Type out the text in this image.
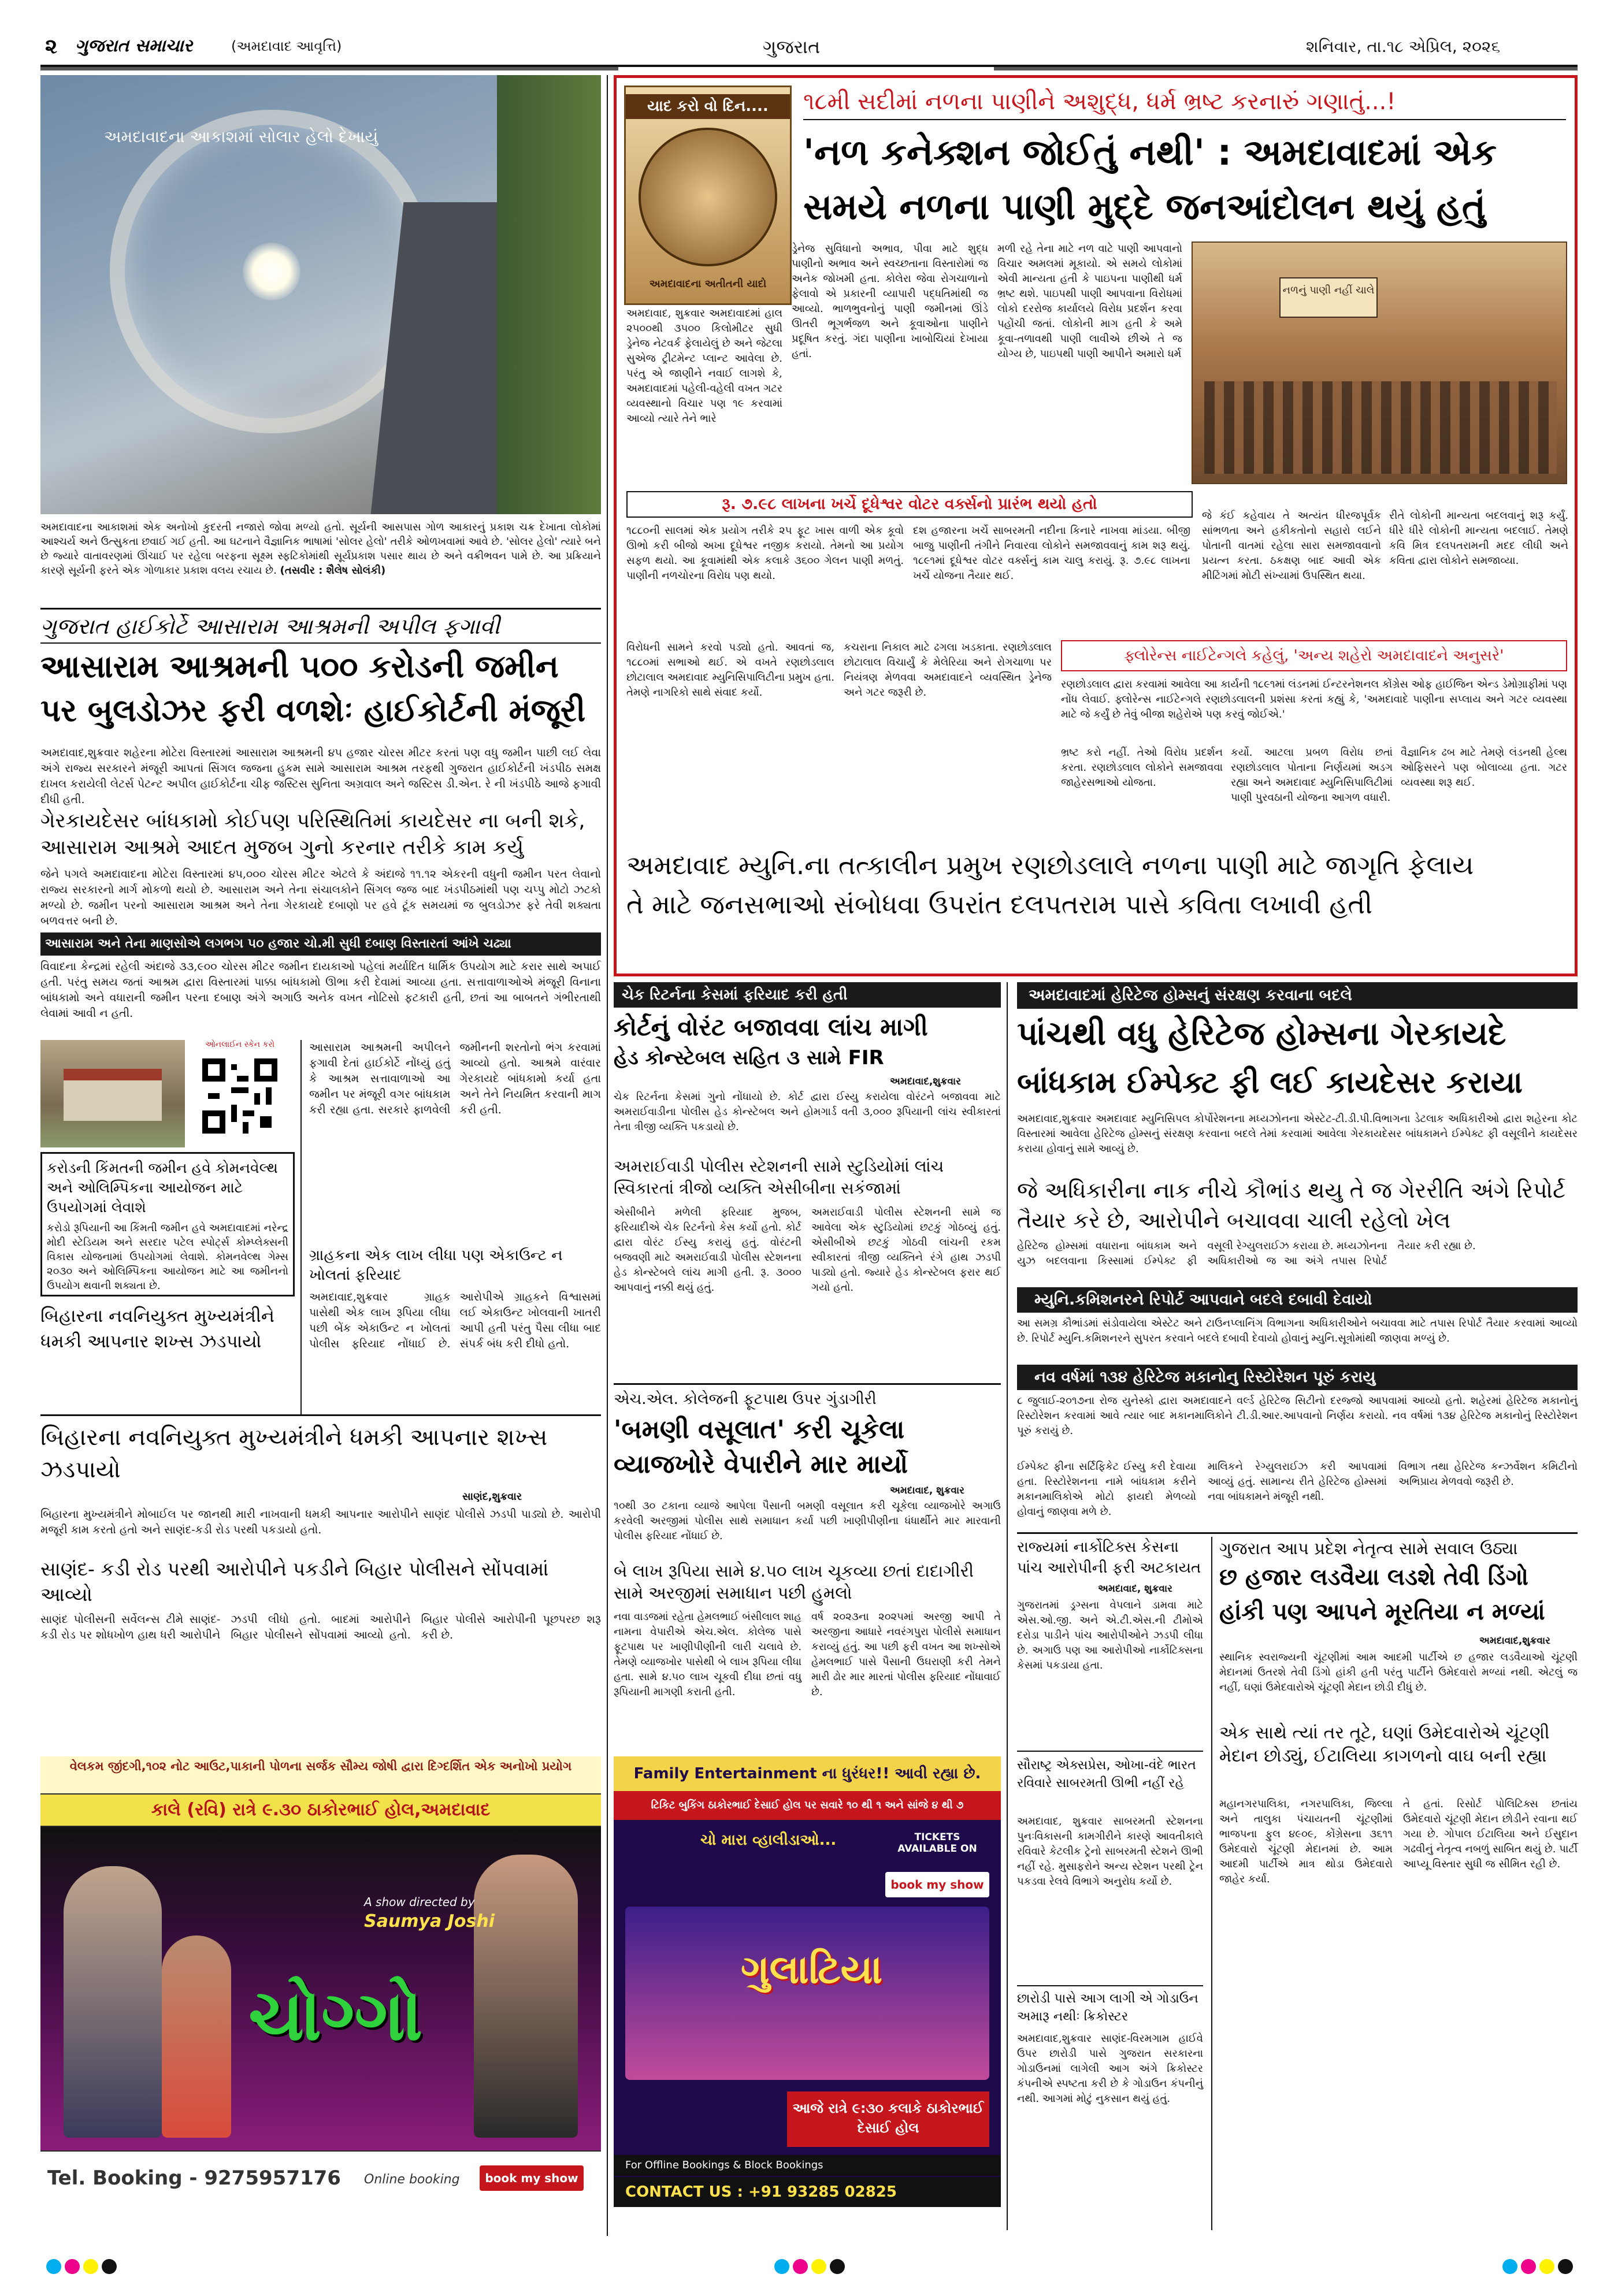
૨ ગુજરાત સમાચાર	(અમદાવાદ આવૃત્તિ)	ગુજરાત	શનિવાર, તા.૧૮ એપ્રિલ, ૨૦૨૬
અમદાવાદના આકાશમાં સોલાર હેલો દેખાયું
અમદાવાદના આકાશમાં એક અનોખો કુદરતી નજારો જોવા મળ્યો હતો. સૂર્યની આસપાસ ગોળ આકારનું પ્રકાશ ચક્ર દેખાતા લોકોમાં આશ્ચર્ય અને ઉત્સુકતા છવાઈ ગઈ હતી. આ ઘટનાને વૈજ્ઞાનિક ભાષામાં 'સોલર હેલો' તરીકે ઓળખવામાં આવે છે. 'સોલર હેલો' ત્યારે બને છે જ્યારે વાતાવરણમાં ઊંચાઈ પર રહેલા બરફના સૂક્ષ્મ સ્ફટિકોમાંથી સૂર્યપ્રકાશ પસાર થાય છે અને વક્રીભવન પામે છે. આ પ્રક્રિયાને કારણે સૂર્યની ફરતે એક ગોળાકાર પ્રકાશ વલય રચાય છે. (તસવીર : શૈલેષ સોલંકી)
ગુજરાત હાઈકોર્ટે આસારામ આશ્રમની અપીલ ફગાવી
આસારામ આશ્રમની ૫૦૦ કરોડની જમીન
પર બુલડોઝર ફરી વળશેઃ હાઈકોર્ટની મંજૂરી
અમદાવાદ,શુક્રવાર શહેરના મોટેરા વિસ્તારમાં આસારામ આશ્રમની ૪૫ હજાર ચોરસ મીટર કરતાં પણ વધુ જમીન પાછી લઈ લેવા અંગે રાજ્ય સરકારને મંજૂરી આપતાં સિંગલ જજના હુકમ સામે આસારામ આશ્રમ તરફથી ગુજરાત હાઈકોર્ટની ખંડપીઠ સમક્ષ દાખલ કરાયેલી લેટર્સ પેટન્ટ અપીલ હાઈકોર્ટના ચીફ જસ્ટિસ સુનિતા અગ્રવાલ અને જસ્ટિસ ડી.એન. રે ની ખંડપીઠે આજે ફગાવી દીધી હતી.
ગેરકાયદેસર બાંધકામો કોઈપણ પરિસ્થિતિમાં કાયદેસર ના બની શકે, આસારામ આશ્રમે આદત મુજબ ગુનો કરનાર તરીકે કામ કર્યુ
જેને પગલે અમદાવાદના મોટેરા વિસ્તારમાં ૪૫,૦૦૦ ચોરસ મીટર એટલે કે અંદાજે ૧૧.૧૨ એકરની વધુની જમીન પરત લેવાનો રાજ્ય સરકારનો માર્ગ મોકળો થયો છે. આસારામ અને તેના સંચાલકોને સિંગલ જજ બાદ ખંડપીઠમાંથી પણ ચપ્પુ મોટો ઝટકો મળ્યો છે. જમીન પરનો આસારામ આશ્રમ અને તેના ગેરકાયદે દબાણો પર હવે ટૂંક સમયમાં જ બુલડોઝર ફરે તેવી શક્યતા બળવત્તર બની છે.
આસારામ અને તેના માણસોએ લગભગ ૫૦ હજાર ચો.મી સુધી દબાણ વિસ્તારતાં આંખે ચઢ્યા
વિવાદના કેન્દ્રમાં રહેલી અંદાજે ૩૩,૯૦૦ ચોરસ મીટર જમીન દાયકાઓ પહેલાં મર્યાદિત ધાર્મિક ઉપયોગ માટે કરાર સાથે અપાઈ હતી. પરંતુ સમય જતાં આશ્રમ દ્વારા વિસ્તારમાં પાક્કા બાંધકામો ઊભા કરી દેવામાં આવ્યા હતા. સત્તાવાળાઓએ મંજૂરી વિનાના બાંધકામો અને વધારાની જમીન પરના દબાણ અંગે અગાઉ અનેક વખત નોટિસો ફટકારી હતી, છતાં આ બાબતને ગંભીરતાથી લેવામાં આવી ન હતી.
ઓનલાઈન સ્કેન કરો
કરોડની કિંમતની જમીન હવે કોમનવેલ્થ અને ઓલિમ્પિકના આયોજન માટે ઉપયોગમાં લેવાશે
કરોડો રૂપિયાની આ કિંમતી જમીન હવે અમદાવાદમાં નરેન્દ્ર મોદી સ્ટેડિયમ અને સરદાર પટેલ સ્પોર્ટ્સ કોમ્પ્લેક્સની વિકાસ યોજનામાં ઉપયોગમાં લેવાશે. કોમનવેલ્થ ગેમ્સ ૨૦૩૦ અને ઓલિમ્પિકના આયોજન માટે આ જમીનનો ઉપયોગ થવાની શક્યતા છે.
આસારામ આશ્રમની અપીલને ફગાવી દેતાં હાઈકોર્ટે નોંધ્યું હતું કે આશ્રમ સત્તાવાળાઓ આ જમીન પર મંજૂરી વગર બાંધકામ કરી રહ્યા હતા. સરકારે ફાળવેલી જમીનની શરતોનો ભંગ કરવામાં આવ્યો હતો. આશ્રમે વારંવાર ગેરકાયદે બાંધકામો કર્યા હતા અને તેને નિયમિત કરવાની માગ કરી હતી.
ગ્રાહકના એક લાખ લીધા પણ એકાઉન્ટ ન ખોલતાં ફરિયાદ
અમદાવાદ,શુક્રવાર ગ્રાહક પાસેથી એક લાખ રૂપિયા લીધા પછી બેંક એકાઉન્ટ ન ખોલતાં પોલીસ ફરિયાદ નોંધાઈ છે. આરોપીએ ગ્રાહકને વિશ્વાસમાં લઈ એકાઉન્ટ ખોલવાની ખાતરી આપી હતી પરંતુ પૈસા લીધા બાદ સંપર્ક બંધ કરી દીધો હતો.
બિહારના નવનિયુક્ત મુખ્યમંત્રીને ધમકી આપનાર શખ્સ ઝડપાયો
બિહારના નવનિયુક્ત મુખ્યમંત્રીને ધમકી આપનાર શખ્સ ઝડપાયો
સાણંદ,શુક્રવાર
બિહારના મુખ્યમંત્રીને મોબાઈલ પર જાનથી મારી નાખવાની ધમકી આપનાર આરોપીને સાણંદ પોલીસે ઝડપી પાડ્યો છે. આરોપી મજૂરી કામ કરતો હતો અને સાણંદ-કડી રોડ પરથી પકડાયો હતો.
સાણંદ- કડી રોડ પરથી આરોપીને પકડીને બિહાર પોલીસને સોંપવામાં આવ્યો
સાણંદ પોલીસની સર્વેલન્સ ટીમે સાણંદ-કડી રોડ પર શોધખોળ હાથ ધરી આરોપીને ઝડપી લીધો હતો. બાદમાં આરોપીને બિહાર પોલીસને સોંપવામાં આવ્યો હતો. બિહાર પોલીસે આરોપીની પૂછપરછ શરૂ કરી છે.
વેલકમ જીંદગી,૧૦૨ નોટ આઉટ,પાકાની પોળના સર્જક સૌમ્ય જોષી દ્વારા દિગ્દર્શિત એક અનોખો પ્રયોગ
કાલે (રવિ) રાત્રે ૯.૩૦ ઠાકોરભાઈ હોલ,અમદાવાદ
A show directed by
Saumya Joshi
ચોગ્ગો
Tel. Booking - 9275957176 Online booking	book my show
યાદ કરો વો દિન....
અમદાવાદના અતીતની યાદો
૧૮મી સદીમાં નળના પાણીને અશુદ્ધ, ધર્મ ભ્રષ્ટ કરનારું ગણાતું...!
'નળ કનેક્શન જોઈતું નથી' : અમદાવાદમાં એક
સમયે નળના પાણી મુદ્દે જનઆંદોલન થયું હતું
અમદાવાદ, શુક્રવાર અમદાવાદમાં હાલ ૨૫૦૦થી ૩૫૦૦ કિલોમીટર સુધી ડ્રેનેજ નેટવર્ક ફેલાયેલું છે અને જેટલા સુએજ ટ્રીટમેન્ટ પ્લાન્ટ આવેલા છે. પરંતુ એ જાણીને નવાઈ લાગશે કે, અમદાવાદમાં પહેલી-વહેલી વખત ગટર વ્યવસ્થાનો વિચાર પણ ૧૯ કરવામાં આવ્યો ત્યારે તેને ભારે
ડ્રેનેજ સુવિધાનો અભાવ, પીવા માટે શુદ્ધ પાણીનો અભાવ અને સ્વચ્છતાના વિસ્તારોમાં જ અનેક જોખમી હતા. કોલેરા જેવા રોગચાળાનો ફેલાવો એ પ્રકારની વ્યાપારી પદ્ધતિમાંથી જ આવ્યો. ભાળભુવનોનું પાણી જમીનમાં ઊંડે ઊતરી ભૂગર્ભજળ અને કૂવાઓના પાણીને પ્રદૂષિત કરતું. ગંદા પાણીના ખાબોચિયાં દેખાયા હતાં.
મળી રહે તેના માટે નળ વાટે પાણી આપવાનો વિચાર અમલમાં મૂકાયો. એ સમયે લોકોમાં એવી માન્યતા હતી કે પાઇપના પાણીથી ધર્મ ભ્રષ્ટ થશે. પાઇપથી પાણી આપવાના વિરોધમાં લોકો દરરોજ કાર્યાલયે વિરોધ પ્રદર્શન કરવા પહોંચી જતાં. લોકોની માગ હતી કે અમે કૂવા-તળાવથી પાણી લાવીએ છીએ તે જ યોગ્ય છે, પાઇપથી પાણી આપીને અમારો ધર્મ
નળનું પાણી નહીં ચાલે
રૂ. ૭.૯૮ લાખના ખર્ચે દૂધેશ્વર વોટર વર્ક્સનો પ્રારંભ થયો હતો
૧૮૮૦ની સાલમાં એક પ્રયોગ તરીકે ૨૫ ફૂટ ખાસ વાળી એક કૂવો ઊભો કરી બીજો અખા દૂધેશ્વર નજીક કરાયો. તેમનો આ પ્રયોગ સફળ થયો. આ કૂવામાંથી એક કલાકે ૩૬૦૦ ગેલન પાણી મળતું. પાણીની નળચોરના વિરોધ પણ થયો.
દશ હજારના ખર્ચે સાબરમતી નદીના કિનારે નાખવા માંડયા. બીજી બાજુ પાણીની તંગીને નિવારવા લોકોને સમજાવવાનું કામ શરૂ થયું. ૧૮૯૧માં દૂધેશ્વર વોટર વર્ક્સનું કામ ચાલુ કરાયું. રૂ. ૭.૯૮ લાખના ખર્ચે યોજના તૈયાર થઈ.
જે કંઈ કહેવાય તે અત્યંત ધીરજપૂર્વક સાંભળતા અને હકીકતોનો સહારો લઈને પોતાની વાતમાં રહેલા સારા સમજાવવાનો પ્રયત્ન કરતા. ઠકક્ષણ બાદ આવી એક મીટિંગમાં મોટી સંખ્યામાં ઉપસ્થિત થયા.
રીતે લોકોની માન્યતા બદલવાનું શરૂ કર્યું. ધીરે ધીરે લોકોની માન્યતા બદલાઈ. તેમણે કવિ મિત્ર દલપતરામની મદદ લીધી અને કવિતા દ્વારા લોકોને સમજાવ્યા.
વિરોધની સામને કરવો પડ્યો હતો. આવતાં જ, ૧૮૮૦માં સભાઓ થઈ. એ વખતે રણછોડલાલ છોટાલાલ અમદાવાદ મ્યુનિસિપાલિટીના પ્રમુખ હતા. તેમણે નાગરિકો સાથે સંવાદ કર્યો.
કચરાના નિકાલ માટે ઢગલા ખડકાતા. રણછોડલાલ છોટાલાલ વિચાર્યું કે મેલેરિયા અને રોગચાળા પર નિયંત્રણ મેળવવા અમદાવાદને વ્યવસ્થિત ડ્રેનેજ અને ગટર જરૂરી છે.
ફ્લોરેન્સ નાઈટેન્ગલે કહેલું, 'અન્ય શહેરો અમદાવાદને અનુસરે'
રણછોડલાલ દ્વારા કરવામાં આવેલા આ કાર્યની ૧૮૯૧માં લંડનમાં ઈન્ટરનેશનલ કોંગ્રેસ ઓફ હાઈજિન એન્ડ ડેમોગ્રાફીમાં પણ નોંધ લેવાઈ. ફ્લોરેન્સ નાઈટેન્ગલે રણછોડલાલની પ્રશંસા કરતાં કહ્યું કે, 'અમદાવાદે પાણીના સપ્લાય અને ગટર વ્યવસ્થા માટે જે કર્યું છે તેવું બીજા શહેરોએ પણ કરવું જોઈએ.'
ભ્રષ્ટ કરો નહીં. તેઓ વિરોધ પ્રદર્શન કરતા. રણછોડલાલ લોકોને સમજાવવા જાહેરસભાઓ યોજતા.
કર્યો. આટલા પ્રબળ વિરોધ છતાં રણછોડલાલ પોતાના નિર્ણયમાં અડગ રહ્યા અને અમદાવાદ મ્યુનિસિપાલિટીમાં પાણી પુરવઠાની યોજના આગળ વધારી.
વૈજ્ઞાનિક ઢબ માટે તેમણે લંડનથી હેલ્થ ઓફિસરને પણ બોલાવ્યા હતા. ગટર વ્યવસ્થા શરૂ થઈ.
અમદાવાદ મ્યુનિ.ના તત્કાલીન પ્રમુખ રણછોડલાલે નળના પાણી માટે જાગૃતિ ફેલાય
તે માટે જનસભાઓ સંબોધવા ઉપરાંત દલપતરામ પાસે કવિતા લખાવી હતી
ચેક રિટર્નના કેસમાં ફરિયાદ કરી હતી
કોર્ટનું વોરંટ બજાવવા લાંચ માગી
હેડ કોન્સ્ટેબલ સહિત ૩ સામે FIR
અમદાવાદ,શુક્રવાર
ચેક રિટર્નના કેસમાં ગુનો નોંધાયો છે. કોર્ટ દ્વારા ઈસ્યુ કરાયેલા વોરંટને બજાવવા માટે અમરાઈવાડીના પોલીસ હેડ કોન્સ્ટેબલ અને હોમગાર્ડ વતી ૩,૦૦૦ રૂપિયાની લાંચ સ્વીકારતાં તેના ત્રીજી વ્યક્તિ પકડાયો છે.
અમરાઈવાડી પોલીસ સ્ટેશનની સામે સ્ટુડિયોમાં લાંચ સ્વિકારતાં ત્રીજો વ્યક્તિ એસીબીના સકંજામાં
એસીબીને મળેલી ફરિયાદ મુજબ, ફરિયાદીએ ચેક રિટર્નનો કેસ કર્યો હતો. કોર્ટ દ્વારા વોરંટ ઈસ્યુ કરાયું હતું. વોરંટની બજવણી માટે અમરાઈવાડી પોલીસ સ્ટેશનના હેડ કોન્સ્ટેબલે લાંચ માગી હતી. રૂ. ૩૦૦૦ આપવાનું નક્કી થયું હતું.
અમરાઈવાડી પોલીસ સ્ટેશનની સામે જ આવેલા એક સ્ટુડિયોમાં છટકું ગોઠવ્યું હતું. એસીબીએ છટકું ગોઠવી લાંચની રકમ સ્વીકારતાં ત્રીજી વ્યક્તિને રંગે હાથ ઝડપી પાડ્યો હતો. જ્યારે હેડ કોન્સ્ટેબલ ફરાર થઈ ગયો હતો.
એચ.એલ. કોલેજની ફૂટપાથ ઉપર ગુંડાગીરી
'બમણી વસૂલાત' કરી ચૂકેલા
વ્યાજખોરે વેપારીને માર માર્યો
અમદાવાદ, શુક્રવાર
૧૦થી ૩૦ ટકાના વ્યાજે આપેલા પૈસાની બમણી વસૂલાત કરી ચૂકેલા વ્યાજખોરે અગાઉ કરવેલી અરજીમાં પોલીસ સાથે સમાધાન કર્યા પછી ખાણીપીણીના ધંધાર્થીને માર મારવાની પોલીસ ફરિયાદ નોંધાઈ છે.
બે લાખ રૂપિયા સામે ૪.૫૦ લાખ ચૂકવ્યા છતાં દાદાગીરી સામે અરજીમાં સમાધાન પછી હુમલો
નવા વાડજમાં રહેતા હેમલભાઈ બંસીલાલ શાહ નામના વેપારીએ એચ.એલ. કોલેજ પાસે ફૂટપાથ પર ખાણીપીણીની લારી ચલાવે છે. તેમણે વ્યાજખોર પાસેથી બે લાખ રૂપિયા લીધા હતા. સામે ૪.૫૦ લાખ ચૂકવી દીધા છતાં વધુ રૂપિયાની માગણી કરાતી હતી.
વર્ષ ૨૦૨૩ના ૨૦૨૫માં અરજી આપી તે અરજીના આધારે નવરંગપુરા પોલીસે સમાધાન કરાવ્યું હતું. આ પછી ફરી વખત આ શખ્સોએ હેમલભાઈ પાસે પૈસાની ઉઘરાણી કરી તેમને મારી ઢોર માર મારતાં પોલીસ ફરિયાદ નોંધાવાઈ છે.
Family Entertainment ના ધુરંધર!! આવી રહ્યા છે.
ટિકિટ બુકિંગ ઠાકોરભાઈ દેસાઈ હોલ પર સવારે ૧૦ થી ૧ અને સાંજે ૪ થી ૭
ચો મારા વ્હાલીડાઓ...	TICKETS AVAILABLE ON
book my show
ગુલાટિયા
આજે રાત્રે ૯:૩૦ કલાકે ઠાકોરભાઈ દેસાઈ હોલ
For Offline Bookings & Block Bookings
CONTACT US : +91 93285 02825
અમદાવાદમાં હેરિટેજ હોમ્સનું સંરક્ષણ કરવાના બદલે
પાંચથી વધુ હેરિટેજ હોમ્સના ગેરકાયદે
બાંધકામ ઈમ્પેક્ટ ફી લઈ કાયદેસર કરાયા
અમદાવાદ,શુક્રવાર અમદાવાદ મ્યુનિસિપલ કોર્પોરેશનના મધ્યઝોનના એસ્ટેટ-ટી.ડી.પી.વિભાગના ડેટલાક અધિકારીઓ દ્વારા શહેરના કોટ વિસ્તારમાં આવેલા હેરિટેજ હોમ્સનું સંરક્ષણ કરવાના બદલે તેમાં કરવામાં આવેલા ગેરકાયદેસર બાંધકામને ઈમ્પેક્ટ ફી વસૂલીને કાયદેસર કરાયા હોવાનું સામે આવ્યું છે.
જે અધિકારીના નાક નીચે કૌભાંડ થયુ તે જ ગેરરીતિ અંગે રિપોર્ટ તૈયાર કરે છે, આરોપીને બચાવવા ચાલી રહેલો ખેલ
હેરિટેજ હોમ્સમાં વધારાના બાંધકામ અને યુઝ બદલવાના કિસ્સામાં ઈમ્પેક્ટ ફી વસૂલી રેગ્યુલરાઈઝ કરાયા છે. મધ્યઝોનના અધિકારીઓ જ આ અંગે તપાસ રિપોર્ટ તૈયાર કરી રહ્યા છે.
મ્યુનિ.કમિશનરને રિપોર્ટ આપવાને બદલે દબાવી દેવાયો
આ સમગ્ર કૌભાંડમાં સંડોવાયેલા એસ્ટેટ અને ટાઉનપ્લાનિંગ વિભાગના અધિકારીઓને બચાવવા માટે તપાસ રિપોર્ટ તૈયાર કરવામાં આવ્યો છે. રિપોર્ટ મ્યુનિ.કમિશનરને સુપરત કરવાને બદલે દબાવી દેવાયો હોવાનું મ્યુનિ.સૂત્રોમાંથી જાણવા મળ્યું છે.
નવ વર્ષમાં ૧૩૪ હેરિટેજ મકાનોનુ રિસ્ટોરેશન પૂરું કરાયુ
૮ જુલાઈ-૨૦૧૭ના રોજ યુનેસ્કો દ્વારા અમદાવાદને વર્લ્ડ હેરિટેજ સિટીનો દરજ્જો આપવામાં આવ્યો હતો. શહેરમાં હેરિટેજ મકાનોનું રિસ્ટોરેશન કરવામાં આવે ત્યાર બાદ મકાનમાલિકોને ટી.ડી.આર.આપવાનો નિર્ણય કરાયો. નવ વર્ષમાં ૧૩૪ હેરિટેજ મકાનોનું રિસ્ટોરેશન પૂરું કરાયું છે.
ઈમ્પેક્ટ ફીના સર્ટિફિકેટ ઈસ્યુ કરી દેવાયા હતા. રિસ્ટોરેશનના નામે બાંધકામ કરીને મકાનમાલિકોએ મોટો ફાયદો મેળવ્યો હોવાનું જાણવા મળે છે.
માલિકને રેગ્યુલરાઈઝ કરી આપવામાં આવ્યું હતું. સામાન્ય રીતે હેરિટેજ હોમ્સમાં નવા બાંધકામને મંજૂરી નથી.
વિભાગ તથા હેરિટેજ કન્ઝર્વેશન કમિટીનો અભિપ્રાય મેળવવો જરૂરી છે.
ગુજરાત આપ પ્રદેશ નેતૃત્વ સામે સવાલ ઉઠ્યા
છ હજાર લડવૈયા લડશે તેવી ડિંગો
હાંકી પણ આપને મૂરતિયા ન મળ્યાં
અમદાવાદ,શુક્રવાર
સ્થાનિક સ્વરાજ્યની ચૂંટણીમાં આમ આદમી પાર્ટીએ છ હજાર લડવૈયાઓ ચૂંટણી મેદાનમાં ઉતરશે તેવી ડિંગો હાંકી હતી પરંતુ પાર્ટીને ઉમેદવારો મળ્યાં નથી. એટલું જ નહીં, ઘણાં ઉમેદવારોએ ચૂંટણી મેદાન છોડી દીધું છે.
એક સાથે ત્યાં તર તૂટે, ઘણાં ઉમેદવારોએ ચૂંટણી મેદાન છોડ્યું, ઈટાલિયા કાગળનો વાઘ બની રહ્યા
મહાનગરપાલિકા, નગરપાલિકા, જિલ્લા અને તાલુકા પંચાયતની ચૂંટણીમાં ભાજપના ફુલ ૪૯૦૯, કોંગ્રેસના ૩૬૧૧ ઉમેદવારો ચૂંટણી મેદાનમાં છે. આમ આદમી પાર્ટીએ માત્ર થોડા ઉમેદવારો જાહેર કર્યા.
તે હતાં. રિસોર્ટ પોલિટિક્સ છતાંય ઉમેદવારો ચૂંટણી મેદાન છોડીને રવાના થઈ ગયા છે. ગોપાલ ઈટાલિયા અને ઈસુદાન ગઢવીનું નેતૃત્વ નબળું સાબિત થયું છે. પાર્ટી આપ્યૂ વિસ્તાર સુધી જ સીમિત રહી છે.
રાજ્યમાં નાર્કોટિક્સ કેસના પાંચ આરોપીની ફરી અટકાયત
અમદાવાદ, શુક્રવાર
ગુજરાતમાં ડ્રગ્સના વેપલાને ડામવા માટે એસ.ઓ.જી. અને એ.ટી.એસ.ની ટીમોએ દરોડા પાડીને પાંચ આરોપીઓને ઝડપી લીધા છે. અગાઉ પણ આ આરોપીઓ નાર્કોટિક્સના કેસમાં પકડાયા હતા.
સૌરાષ્ટ્ર એક્સપ્રેસ, ઓખા-વંદે ભારત રવિવારે સાબરમતી ઊભી નહીં રહે
અમદાવાદ, શુક્રવાર સાબરમતી સ્ટેશનના પુનઃવિકાસની કામગીરીને કારણે આવતીકાલે રવિવારે કેટલીક ટ્રેનો સાબરમતી સ્ટેશને ઊભી નહીં રહે. મુસાફરોને અન્ય સ્ટેશન પરથી ટ્રેન પકડવા રેલવે વિભાગે અનુરોધ કર્યો છે.
છારોડી પાસે આગ લાગી એ ગોડાઉન અમારૂ નથીઃ ક્રિકોસ્ટર
અમદાવાદ,શુક્રવાર સાણંદ-વિરમગામ હાઈવે ઉપર છારોડી પાસે ગુજરાત સરકારના ગોડાઉનમાં લાગેલી આગ અંગે ક્રિકોસ્ટર કંપનીએ સ્પષ્ટતા કરી છે કે ગોડાઉન કંપનીનું નથી. આગમાં મોટું નુકસાન થયું હતું.
